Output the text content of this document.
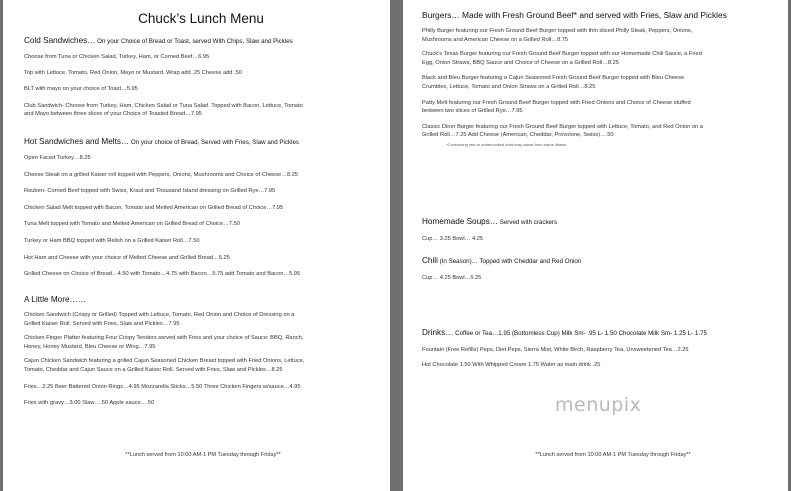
Chuck’s Lunch Menu
Cold Sandwiches… On your Choice of Bread or Toast, served With Chips, Slaw and Pickles
Choose from Tuna or Chicken Salad, Turkey, Ham, or Corned Beef…6.95
Top with Lettuce, Tomato, Red Onion, Mayo or Mustard. Wrap add .25 Cheese add .50
BLT with mayo on your choice of Toast…5.95
Club Sandwich- Choose from Turkey, Ham, Chicken Salad or Tuna Salad. Topped with Bacon, Lettuce, Tomato
and Mayo between three slices of your Choice of Toasted Bread…7.95
Hot Sandwiches and Melts… On your choice of Bread, Served with Fries, Slaw and Pickles
Open Faced Turkey…8.25
Cheese Steak on a grilled Kaiser roll topped with Peppers, Onions, Mushrooms and Choice of Cheese…8.25
Reuben- Corned Beef topped with Swiss, Kraut and Thousand Island dressing on Grilled Rye…7.95
Chicken Salad Melt topped with Bacon, Tomato and Melted American on Grilled Bread of Choice…7.95
Tuna Melt topped with Tomato and Melted American on Grilled Bread of Choice…7.50
Turkey or Ham BBQ topped with Relish on a Grilled Kaiser Roll…7.50
Hot Ham and Cheese with your choice of Melted Cheese and Grilled Bread…6.25
Grilled Cheese on Choice of Bread…4.50 with Tomato…4.75 with Bacon…5.75 add Tomato and Bacon…5.95
A Little More……
Chicken Sandwich (Crispy or Grilled) Topped with Lettuce, Tomato, Red Onion and Choice of Dressing on a
Grilled Kaiser Roll. Served with Fries, Slaw and Pickles…7.95
Chicken Finger Platter featuring Four Crispy Tenders served with Fries and your choice of Sauce: BBQ, Ranch,
Honey, Honey Mustard, Bleu Cheese or Wing…7.95
Cajun Chicken Sandwich featuring a grilled Cajun Seasoned Chicken Breast topped with Fried Onions, Lettuce,
Tomato, Cheddar and Cajun Sauce on a Grilled Kaiser Roll. Served with Fries, Slaw and Pickles…8.25
Fries…2.25 Beer Battered Onion Rings…4.95 Mozzarella Sticks…5.50 Three Chicken Fingers w/sauce…4.95
Fries with gravy…3.00 Slaw….50 Apple sauce….50
**Lunch served from 10:00 AM-1 PM Tuesday through Friday**
Burgers… Made with Fresh Ground Beef* and served with Fries, Slaw and Pickles
Philly Burger featuring our Fresh Ground Beef Burger topped with thin sliced Philly Steak, Peppers, Onions,
Mushrooms and American Cheese on a Grilled Roll…8.75
Chuck’s Texas Burger featuring our Fresh Ground Beef Burger topped with our Homemade Chili Sauce, a Fried
Egg, Onion Straws, BBQ Sauce and Choice of Cheese on a Grilled Roll…8.25
Black and Bleu Burger featuring a Cajun Seasoned Fresh Ground Beef Burger topped with Bleu Cheese
Crumbles, Lettuce, Tomato and Onion Straws on a Grilled Roll…8.25
Patty Melt featuring our Fresh Ground Beef Burger topped with Fried Onions and Choice of Cheese stuffed
between two slices of Grilled Rye…7.95
Classic Diner Burger featuring our Fresh Ground Beef Burger topped with Lettuce, Tomato, and Red Onion on a
Grilled Roll…7.25 Add Cheese (American, Cheddar, Provolone, Swiss)….50
*Consuming raw or undercooked food may cause food borne illness
Homemade Soups… Served with crackers
Cup… 3.25 Bowl… 4.25
Chili (In Season)… Topped with Cheddar and Red Onion
Cup… 4.25 Bowl…5.25
Drinks… Coffee or Tea…1.95 (Bottomless Cup) Milk Sm- .95 L- 1.50 Chocolate Milk Sm- 1.25 L- 1.75
Fountain (Free Refills) Peps, Diet Peps, Sierra Mist, White Birch, Raspberry Tea, Unsweetened Tea…2.25
Hot Chocolate 1.50 With Whipped Cream 1.75 Water as main drink .25
**Lunch served from 10:00 AM-1 PM Tuesday through Friday**
menupix
